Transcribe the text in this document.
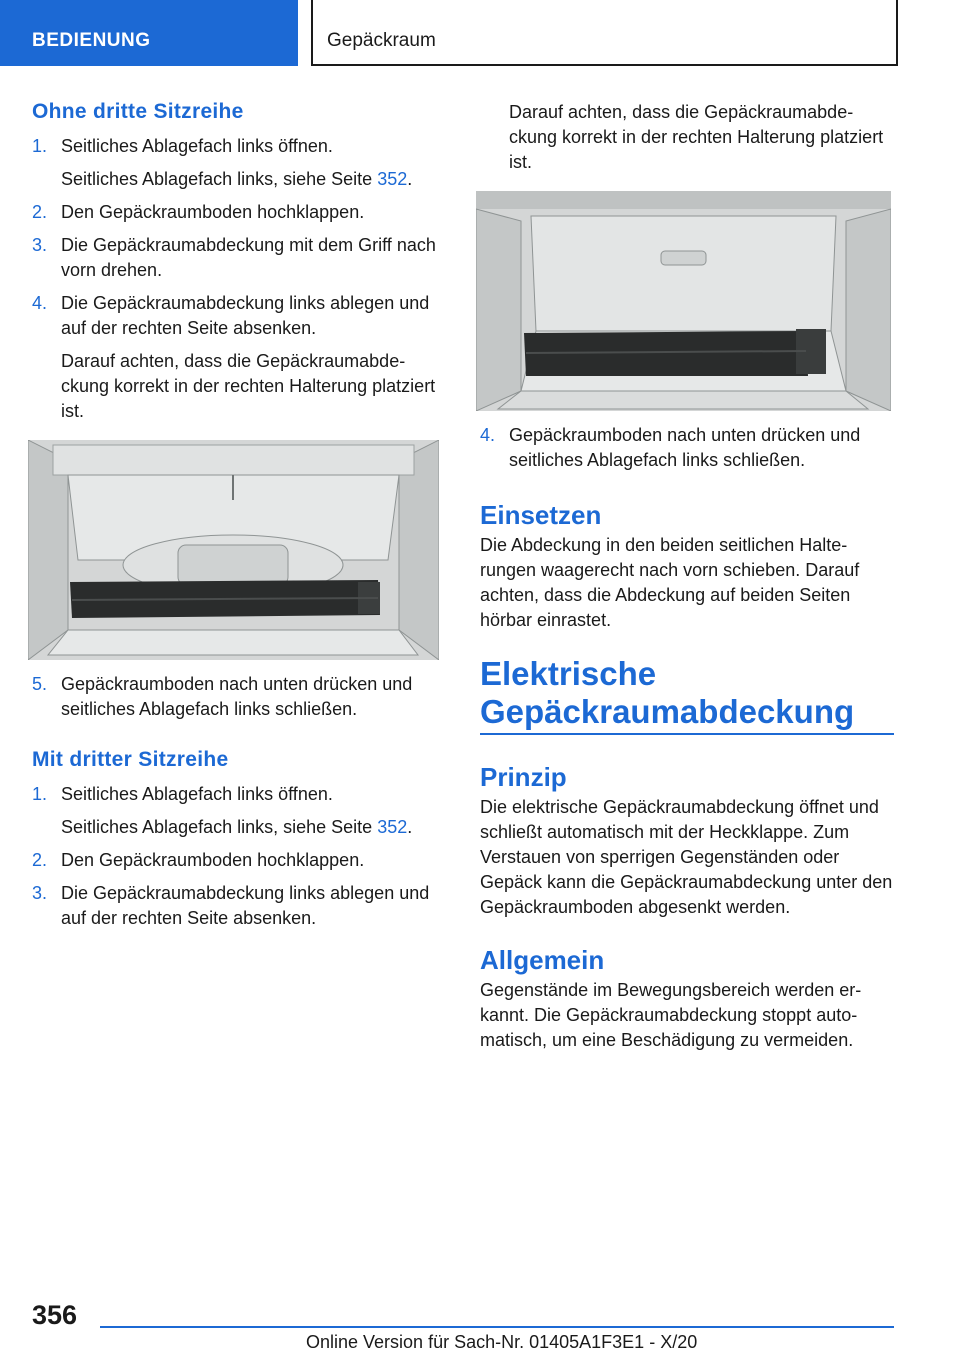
BEDIENUNG	Gepäckraum
Ohne dritte Sitzreihe
1. Seitliches Ablagefach links öffnen.
Seitliches Ablagefach links, siehe Seite 352.
2. Den Gepäckraumboden hochklappen.
3. Die Gepäckraumabdeckung mit dem Griff nach vorn drehen.
4. Die Gepäckraumabdeckung links ablegen und auf der rechten Seite absenken.
Darauf achten, dass die Gepäckraumabdeckung korrekt in der rechten Halterung platziert ist.
5. Gepäckraumboden nach unten drücken und seitliches Ablagefach links schließen.
Mit dritter Sitzreihe
1. Seitliches Ablagefach links öffnen.
Seitliches Ablagefach links, siehe Seite 352.
2. Den Gepäckraumboden hochklappen.
3. Die Gepäckraumabdeckung links ablegen und auf der rechten Seite absenken.
Darauf achten, dass die Gepäckraumabdeckung korrekt in der rechten Halterung platziert ist.
4. Gepäckraumboden nach unten drücken und seitliches Ablagefach links schließen.
Einsetzen
Die Abdeckung in den beiden seitlichen Halterungen waagerecht nach vorn schieben. Darauf achten, dass die Abdeckung auf beiden Seiten hörbar einrastet.
Elektrische Gepäckraumabdeckung
Prinzip
Die elektrische Gepäckraumabdeckung öffnet und schließt automatisch mit der Heckklappe. Zum Verstauen von sperrigen Gegenständen oder Gepäck kann die Gepäckraumabdeckung unter den Gepäckraumboden abgesenkt werden.
Allgemein
Gegenstände im Bewegungsbereich werden erkannt. Die Gepäckraumabdeckung stoppt automatisch, um eine Beschädigung zu vermeiden.
356
Online Version für Sach-Nr. 01405A1F3E1 - X/20
